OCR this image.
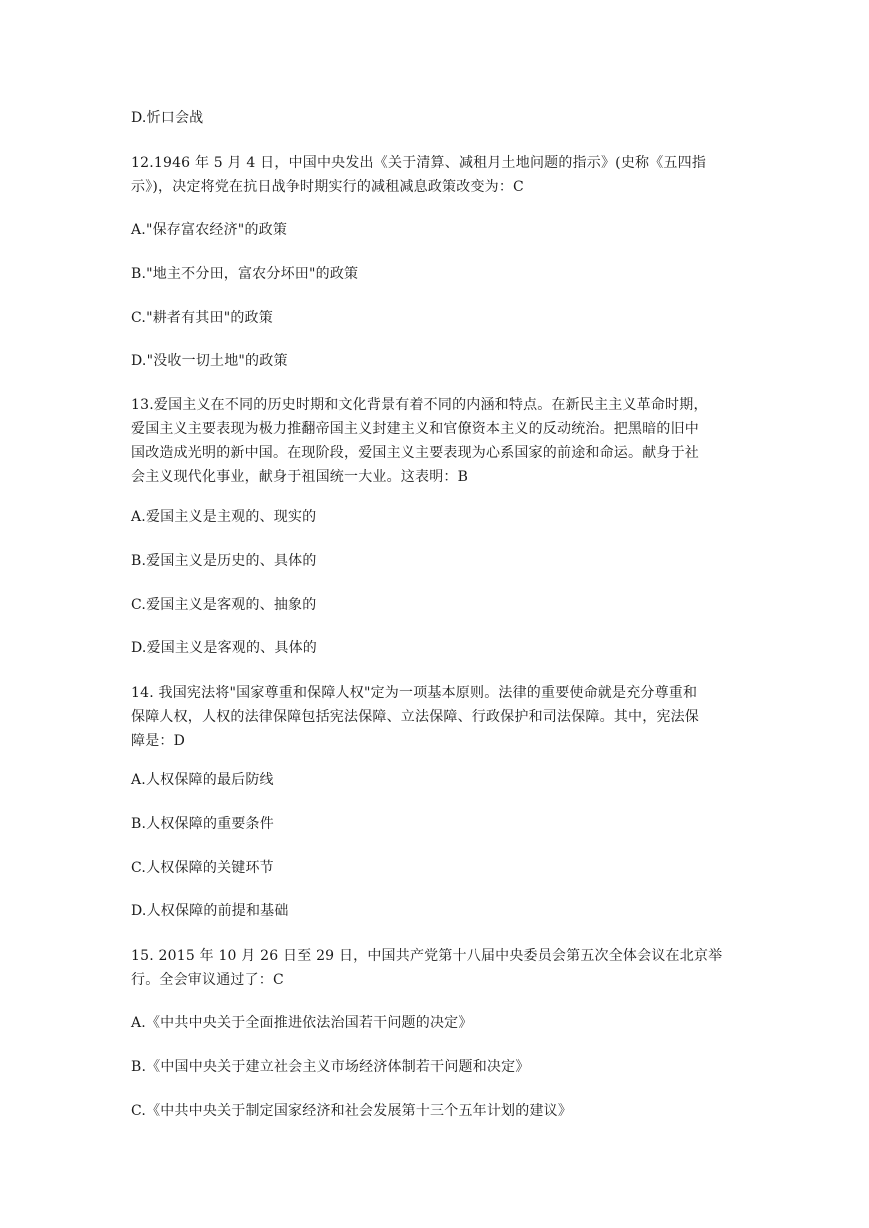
D.忻口会战
12.1946 年 5 月 4 日，中国中央发出《关于清算、减租月土地问题的指示》(史称《五四指
示》)，决定将党在抗日战争时期实行的减租减息政策改变为：C
A."保存富农经济"的政策
B."地主不分田，富农分坏田"的政策
C."耕者有其田"的政策
D."没收一切土地"的政策
13.爱国主义在不同的历史时期和文化背景有着不同的内涵和特点。在新民主主义革命时期，
爱国主义主要表现为极力推翻帝国主义封建主义和官僚资本主义的反动统治。把黑暗的旧中
国改造成光明的新中国。在现阶段，爱国主义主要表现为心系国家的前途和命运。献身于社
会主义现代化事业，献身于祖国统一大业。这表明：B
A.爱国主义是主观的、现实的
B.爱国主义是历史的、具体的
C.爱国主义是客观的、抽象的
D.爱国主义是客观的、具体的
14. 我国宪法将"国家尊重和保障人权"定为一项基本原则。法律的重要使命就是充分尊重和
保障人权，人权的法律保障包括宪法保障、立法保障、行政保护和司法保障。其中，宪法保
障是：D
A.人权保障的最后防线
B.人权保障的重要条件
C.人权保障的关键环节
D.人权保障的前提和基础
15. 2015 年 10 月 26 日至 29 日，中国共产党第十八届中央委员会第五次全体会议在北京举
行。全会审议通过了：C
A.《中共中央关于全面推进依法治国若干问题的决定》
B.《中国中央关于建立社会主义市场经济体制若干问题和决定》
C.《中共中央关于制定国家经济和社会发展第十三个五年计划的建议》
